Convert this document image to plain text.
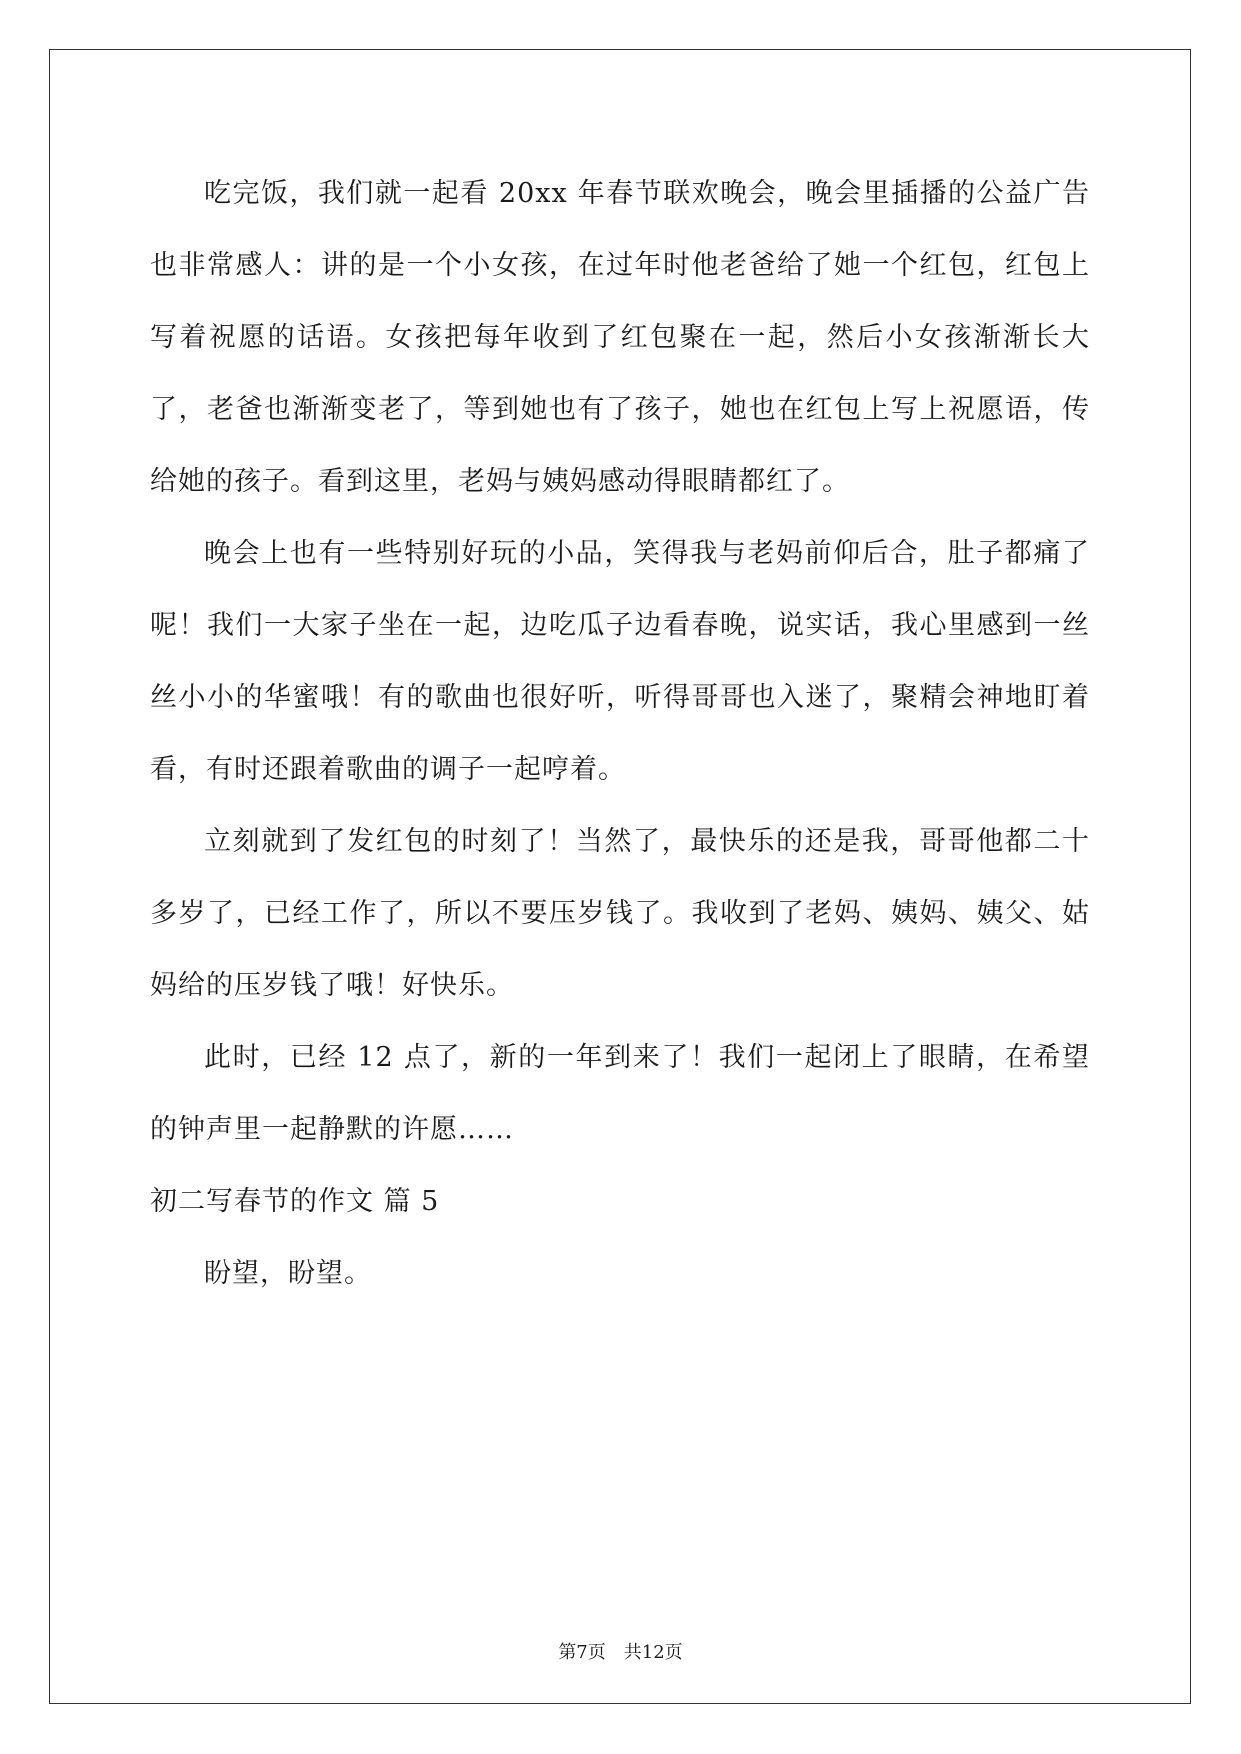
吃完饭，我们就一起看 20xx 年春节联欢晚会，晚会里插播的公益广告也非常感人：讲的是一个小女孩，在过年时他老爸给了她一个红包，红包上写着祝愿的话语。女孩把每年收到了红包聚在一起，然后小女孩渐渐长大了，老爸也渐渐变老了，等到她也有了孩子，她也在红包上写上祝愿语，传给她的孩子。看到这里，老妈与姨妈感动得眼睛都红了。

晚会上也有一些特别好玩的小品，笑得我与老妈前仰后合，肚子都痛了呢！我们一大家子坐在一起，边吃瓜子边看春晚，说实话，我心里感到一丝丝小小的华蜜哦！有的歌曲也很好听，听得哥哥也入迷了，聚精会神地盯着看，有时还跟着歌曲的调子一起哼着。

立刻就到了发红包的时刻了！当然了，最快乐的还是我，哥哥他都二十多岁了，已经工作了，所以不要压岁钱了。我收到了老妈、姨妈、姨父、姑妈给的压岁钱了哦！好快乐。

此时，已经 12 点了，新的一年到来了！我们一起闭上了眼睛，在希望的钟声里一起静默的许愿……

初二写春节的作文 篇 5

盼望，盼望。

第7页 共12页
